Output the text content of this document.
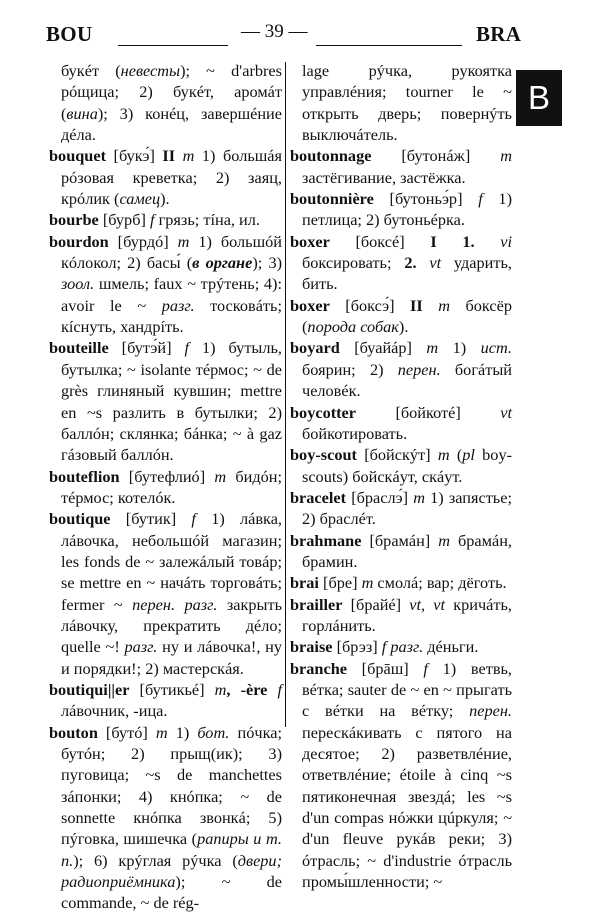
BOU	— 39 —	BRA
B
букéт (невесты); ~ d'arbres рóщица; 2) букéт, аромáт (вина); 3) конéц, завершéние дéла.
bouquet [букэ́] II m 1) большáя рóзовая креветка; 2) заяц, крóлик (самец).
bourbe [бурб] f грязь; тíна, ил.
bourdon [бурдó] m 1) большóй кóлокол; 2) басы́ (в органе); 3) зоол. шмель; faux ~ трýтень; 4): avoir le ~ разг. тосковáть; кíснуть, хандрíть.
bouteille [бутэ́й] f 1) бутыль, бутылка; ~ isolante тéрмос; ~ de grès глиняный кувшин; mettre en ~s разлить в бутылки; 2) баллóн; склянка; бáнка; ~ à gaz гáзовый баллóн.
bouteflion [бутефлиó] m бидóн; тéрмос; котелóк.
boutique [бутик] f 1) лáвка, лáвочка, небольшóй магазин; les fonds de ~ залежáлый товáр; se mettre en ~ начáть торговáть; fermer ~ перен. разг. закрыть лáвочку, прекратить дéло; quelle ~! разг. ну и лáвочка!, ну и порядки!; 2) мастерскáя.
boutiqui||er [бутикьé] m, -ère f лáвочник, -ица.
bouton [бутó] m 1) бот. пóчка; бутóн; 2) прыщ(ик); 3) пуговица; ~s de manchettes зáпонки; 4) кнóпка; ~ de sonnette кнóпка звонкá; 5) пýговка, шишечка (рапиры и т. п.); 6) крýглая рýчка (двери; радиоприёмника); ~ de commande, ~ de rég-
lage рýчка, рукоятка управлéния; tourner le ~ открыть дверь; повернýть выключáтель.
boutonnage [бутонáж] m застёгивание, застёжка.
boutonnière [бутоньэ́р] f 1) петлица; 2) бутоньéрка.
boxer [боксé] I 1. vi боксировать; 2. vt ударить, бить.
boxer [боксэ́] II m боксёр (порода собак).
boyard [буайáр] m 1) ист. боярин; 2) перен. богáтый человéк.
boycotter [бойкотé] vt бойкотировать.
boy-scout [бойскýт] m (pl boy-scouts) бойскáут, скáут.
bracelet [браслэ́] m 1) запястье; 2) браслéт.
brahmane [брамáн] m брамáн, брамин.
brai [бре] m смолá; вар; дёготь.
brailler [брайé] vt, vt кричáть, горлáнить.
braise [брэз] f разг. дéньги.
branche [брāш] f 1) ветвь, вéтка; sauter de ~ en ~ прыгать с вéтки на вéтку; перен. перескáкивать с пятого на десятое; 2) разветвлéние, ответвлéние; étoile à cinq ~s пятиконечная звездá; les ~s d'un compas нóжки цúркуля; ~ d'un fleuve рукáв реки; 3) óтрасль; ~ d'industrie óтрасль промы́шленности; ~
